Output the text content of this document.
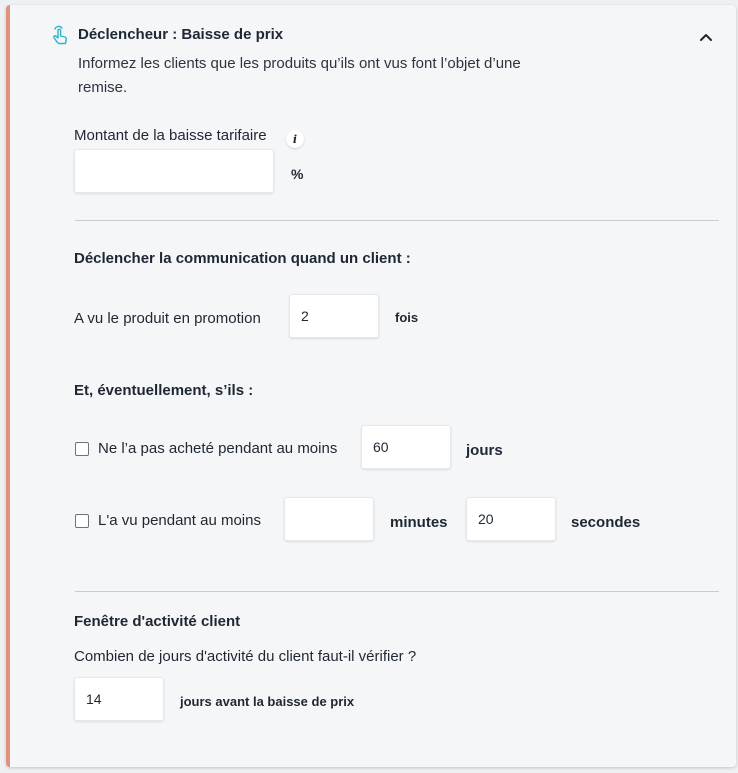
Déclencheur : Baisse de prix
Informez les clients que les produits qu’ils ont vus font l’objet d’une remise.
Montant de la baisse tarifaire	i
%
Déclencher la communication quand un client :
A vu le produit en promotion
2	fois
Et, éventuellement, s’ils :
Ne l’a pas acheté pendant au moins
60	jours
L'a vu pendant au moins	minutes
20	secondes
Fenêtre d'activité client
Combien de jours d'activité du client faut-il vérifier ?
14
jours avant la baisse de prix
